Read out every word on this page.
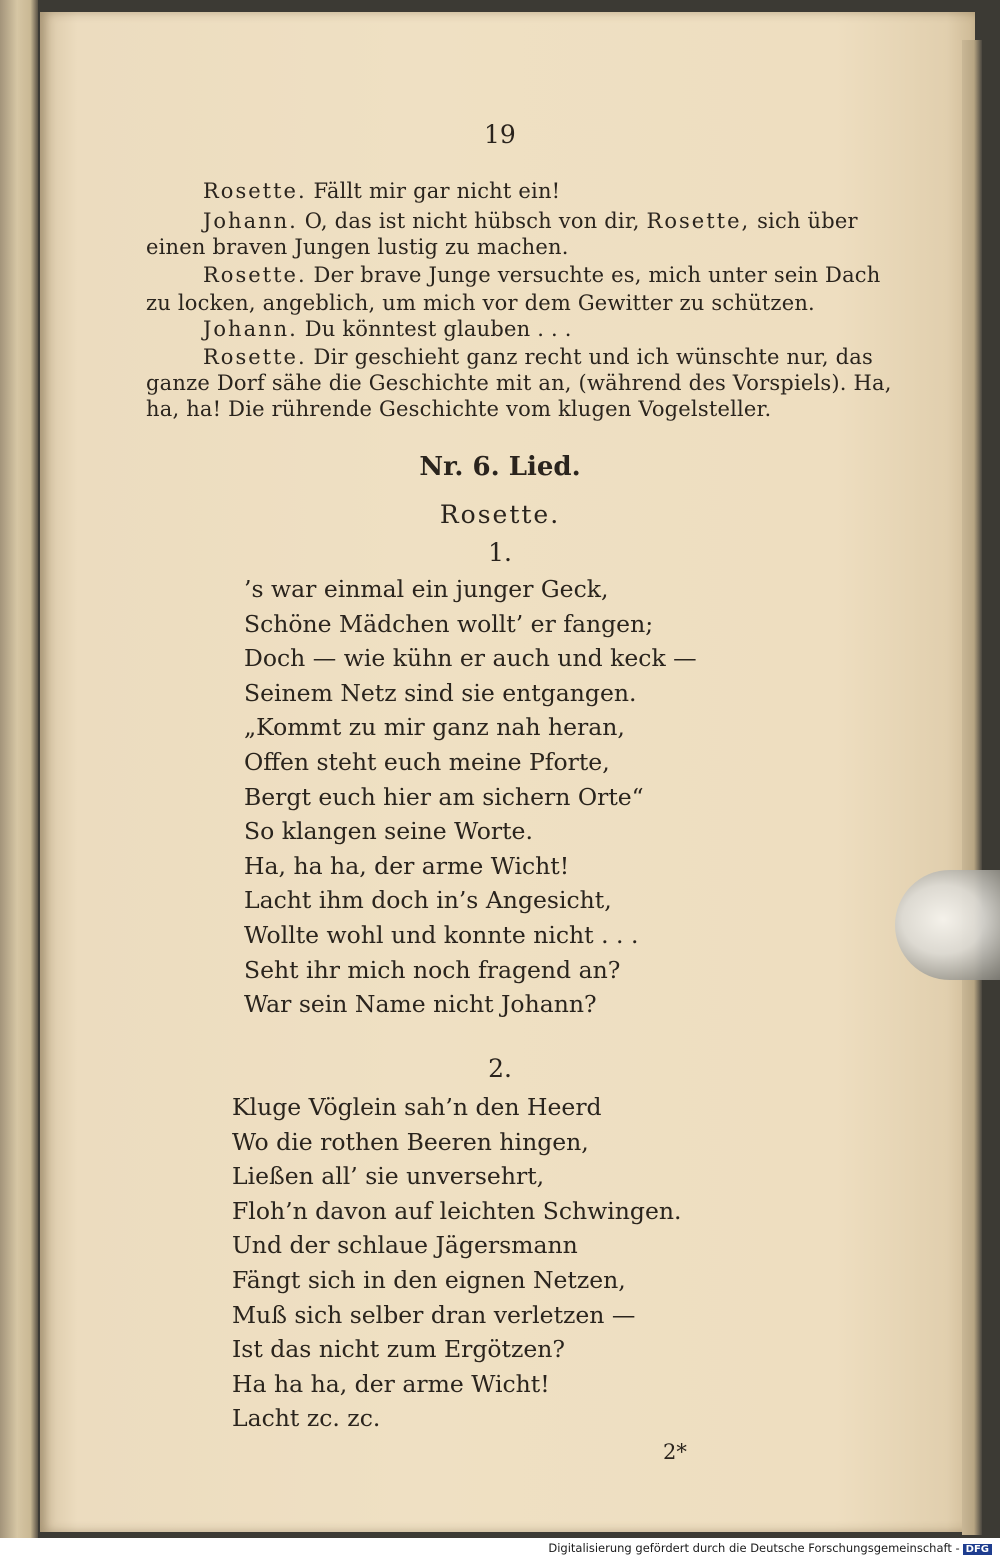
19
Rosette. Fällt mir gar nicht ein!
Johann. O, das ist nicht hübsch von dir, Rosette, sich über
einen braven Jungen lustig zu machen.
Rosette. Der brave Junge versuchte es, mich unter sein Dach
zu locken, angeblich, um mich vor dem Gewitter zu schützen.
Johann. Du könntest glauben . . .
Rosette. Dir geschieht ganz recht und ich wünschte nur, das
ganze Dorf sähe die Geschichte mit an, (während des Vorspiels). Ha,
ha, ha! Die rührende Geschichte vom klugen Vogelsteller.
Nr. 6. Lied.
Rosette.
1.
’s war einmal ein junger Geck,
Schöne Mädchen wollt’ er fangen;
Doch — wie kühn er auch und keck —
Seinem Netz sind sie entgangen.
„Kommt zu mir ganz nah heran,
Offen steht euch meine Pforte,
Bergt euch hier am sichern Orte“
So klangen seine Worte.
Ha, ha ha, der arme Wicht!
Lacht ihm doch in’s Angesicht,
Wollte wohl und konnte nicht . . .
Seht ihr mich noch fragend an?
War sein Name nicht Johann?
2.
Kluge Vöglein sah’n den Heerd
Wo die rothen Beeren hingen,
Ließen all’ sie unversehrt,
Floh’n davon auf leichten Schwingen.
Und der schlaue Jägersmann
Fängt sich in den eignen Netzen,
Muß sich selber dran verletzen —
Ist das nicht zum Ergötzen?
Ha ha ha, der arme Wicht!
Lacht zc. zc.
2*
Digitalisierung gefördert durch die Deutsche Forschungsgemeinschaft - DFG
